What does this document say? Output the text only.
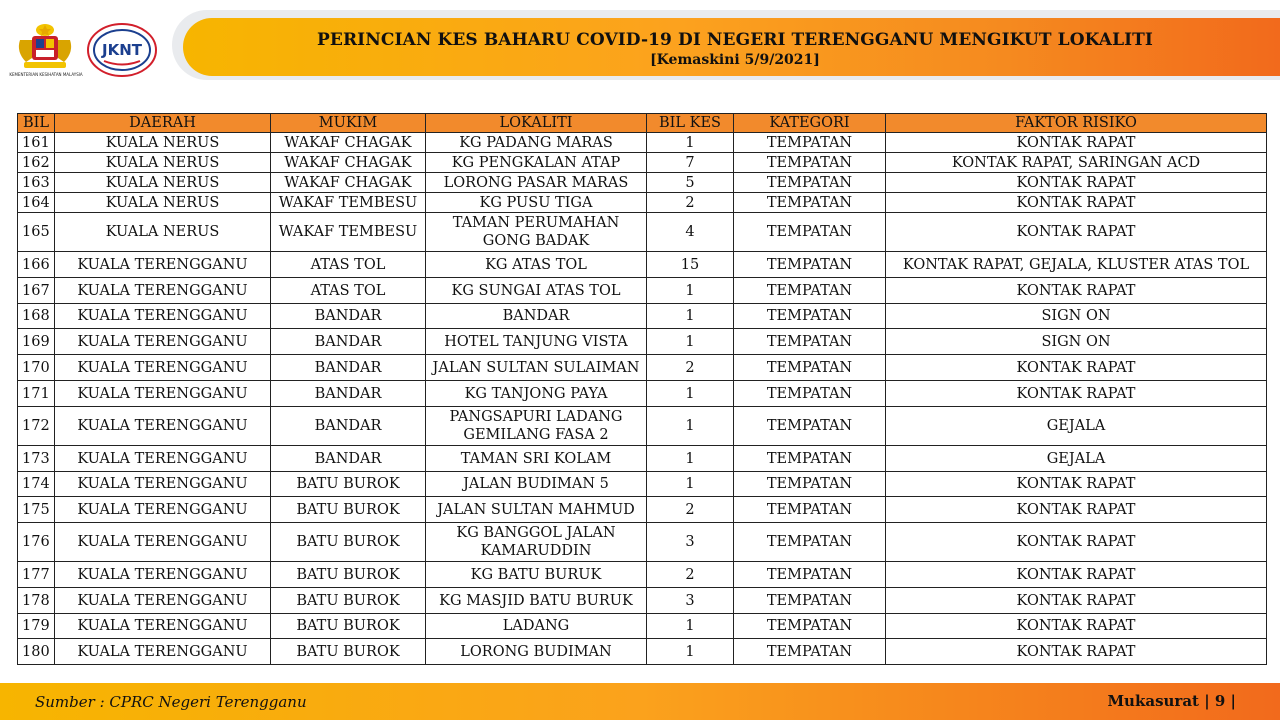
PERINCIAN KES BAHARU COVID-19 DI NEGERI TERENGGANU MENGIKUT LOKALITI
[Kemaskini 5/9/2021]
KEMENTERIAN KESIHATAN MALAYSIA
JKNT
BIL	DAERAH	MUKIM	LOKALITI	BIL KES	KATEGORI	FAKTOR RISIKO
161	KUALA NERUS	WAKAF CHAGAK	KG PADANG MARAS	1	TEMPATAN	KONTAK RAPAT
162	KUALA NERUS	WAKAF CHAGAK	KG PENGKALAN ATAP	7	TEMPATAN	KONTAK RAPAT, SARINGAN ACD
163	KUALA NERUS	WAKAF CHAGAK	LORONG PASAR MARAS	5	TEMPATAN	KONTAK RAPAT
164	KUALA NERUS	WAKAF TEMBESU	KG PUSU TIGA	2	TEMPATAN	KONTAK RAPAT
165	KUALA NERUS	WAKAF TEMBESU	TAMAN PERUMAHAN GONG BADAK	4	TEMPATAN	KONTAK RAPAT
166	KUALA TERENGGANU	ATAS TOL	KG ATAS TOL	15	TEMPATAN	KONTAK RAPAT, GEJALA, KLUSTER ATAS TOL
167	KUALA TERENGGANU	ATAS TOL	KG SUNGAI ATAS TOL	1	TEMPATAN	KONTAK RAPAT
168	KUALA TERENGGANU	BANDAR	BANDAR	1	TEMPATAN	SIGN ON
169	KUALA TERENGGANU	BANDAR	HOTEL TANJUNG VISTA	1	TEMPATAN	SIGN ON
170	KUALA TERENGGANU	BANDAR	JALAN SULTAN SULAIMAN	2	TEMPATAN	KONTAK RAPAT
171	KUALA TERENGGANU	BANDAR	KG TANJONG PAYA	1	TEMPATAN	KONTAK RAPAT
172	KUALA TERENGGANU	BANDAR	PANGSAPURI LADANG GEMILANG FASA 2	1	TEMPATAN	GEJALA
173	KUALA TERENGGANU	BANDAR	TAMAN SRI KOLAM	1	TEMPATAN	GEJALA
174	KUALA TERENGGANU	BATU BUROK	JALAN BUDIMAN 5	1	TEMPATAN	KONTAK RAPAT
175	KUALA TERENGGANU	BATU BUROK	JALAN SULTAN MAHMUD	2	TEMPATAN	KONTAK RAPAT
176	KUALA TERENGGANU	BATU BUROK	KG BANGGOL JALAN KAMARUDDIN	3	TEMPATAN	KONTAK RAPAT
177	KUALA TERENGGANU	BATU BUROK	KG BATU BURUK	2	TEMPATAN	KONTAK RAPAT
178	KUALA TERENGGANU	BATU BUROK	KG MASJID BATU BURUK	3	TEMPATAN	KONTAK RAPAT
179	KUALA TERENGGANU	BATU BUROK	LADANG	1	TEMPATAN	KONTAK RAPAT
180	KUALA TERENGGANU	BATU BUROK	LORONG BUDIMAN	1	TEMPATAN	KONTAK RAPAT
Sumber : CPRC Negeri Terengganu	Mukasurat | 9 |
